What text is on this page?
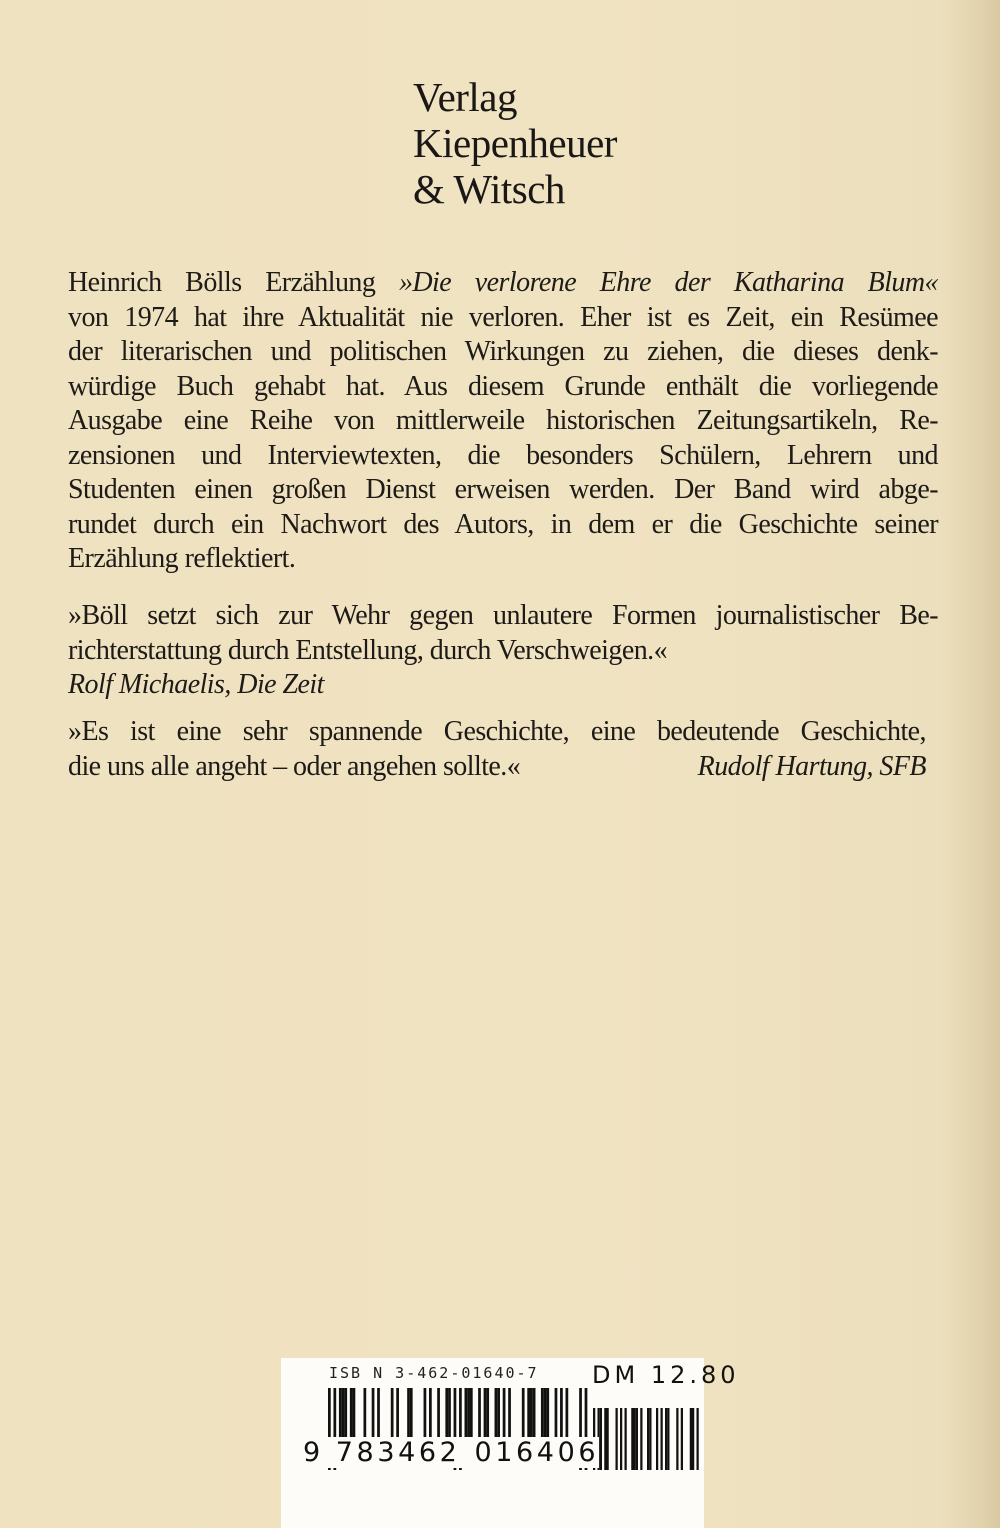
Verlag
Kiepenheuer
& Witsch
Heinrich Bölls Erzählung »Die verlorene Ehre der Katharina Blum«
von 1974 hat ihre Aktualität nie verloren. Eher ist es Zeit, ein Resümee
der literarischen und politischen Wirkungen zu ziehen, die dieses denk-
würdige Buch gehabt hat. Aus diesem Grunde enthält die vorliegende
Ausgabe eine Reihe von mittlerweile historischen Zeitungsartikeln, Re-
zensionen und Interviewtexten, die besonders Schülern, Lehrern und
Studenten einen großen Dienst erweisen werden. Der Band wird abge-
rundet durch ein Nachwort des Autors, in dem er die Geschichte seiner
Erzählung reflektiert.
»Böll setzt sich zur Wehr gegen unlautere Formen journalistischer Be-
richterstattung durch Entstellung, durch Verschweigen.«
Rolf Michaelis, Die Zeit
»Es ist eine sehr spannende Geschichte, eine bedeutende Geschichte,
die uns alle angeht – oder angehen sollte.«	Rudolf Hartung, SFB
ISB N 3-462-01640-7
9 783462 016406
DM 12.80
